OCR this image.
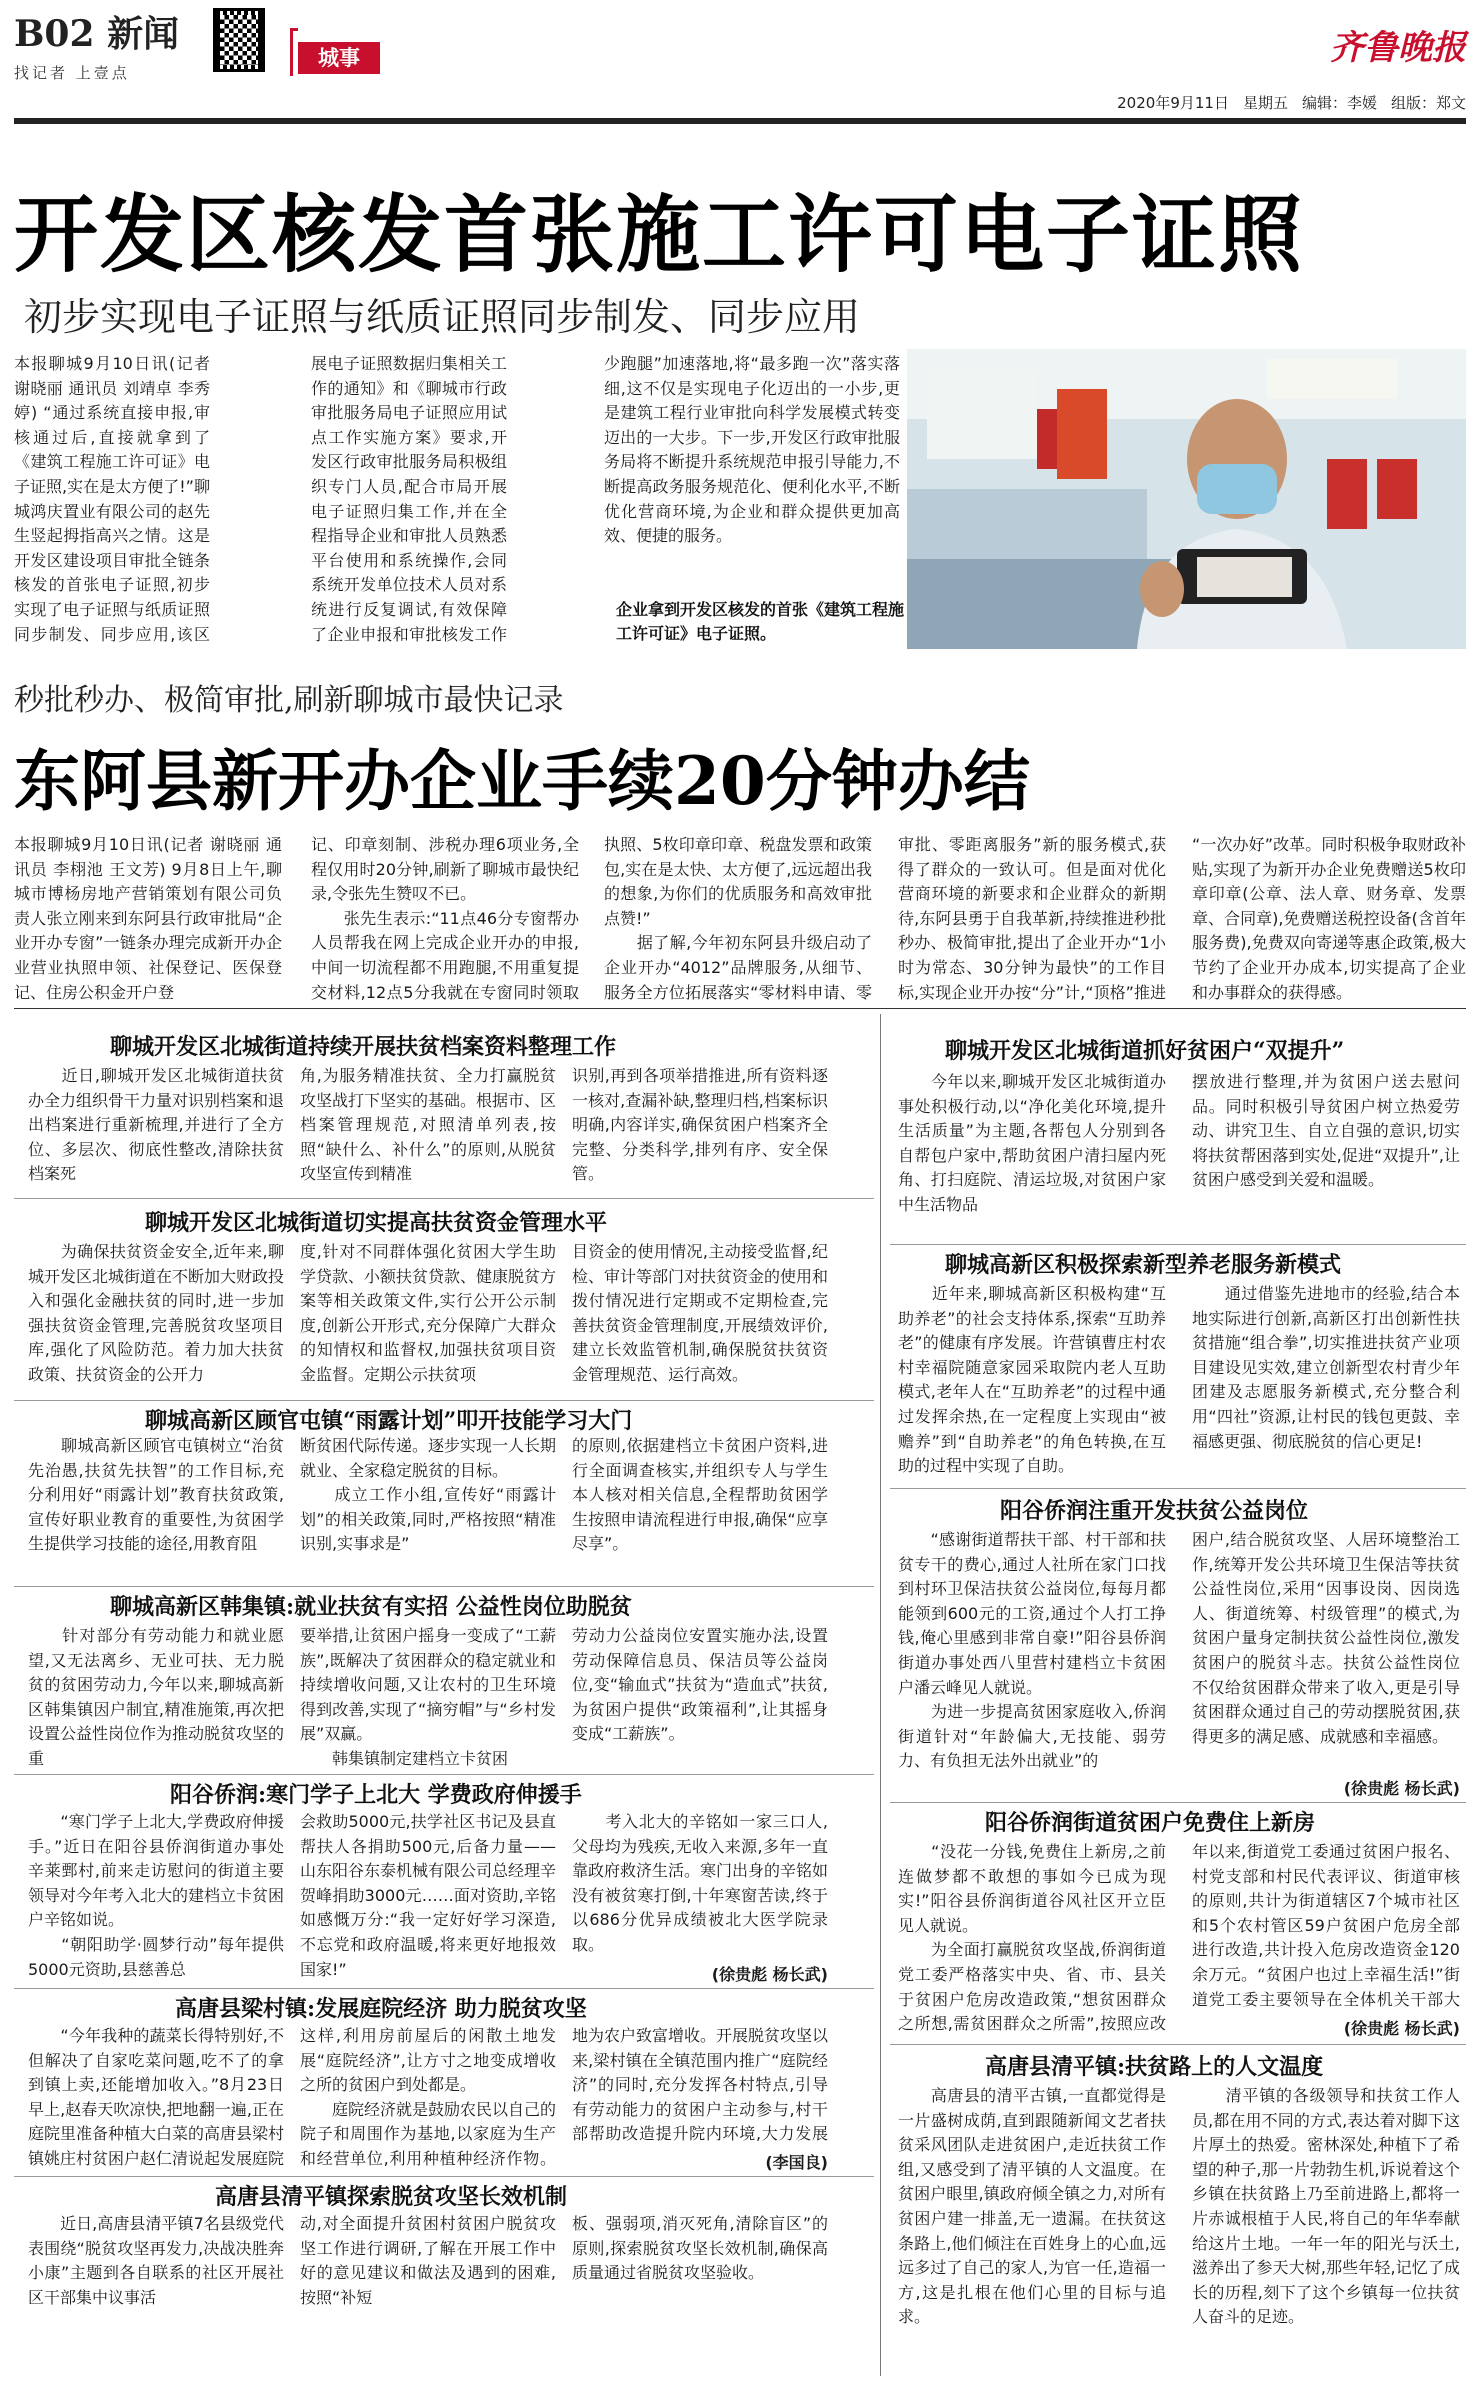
B02 新闻
找记者 上壹点
城事	齐鲁晚报
2020年9月11日 星期五 编辑：李媛 组版：郑文
开发区核发首张施工许可电子证照
初步实现电子证照与纸质证照同步制发、同步应用
本报聊城9月10日讯(记者 谢晓丽 通讯员 刘靖卓 李秀婷) “通过系统直接申报,审核通过后,直接就拿到了《建筑工程施工许可证》电子证照,实在是太方便了!”聊城鸿庆置业有限公司的赵先生竖起拇指高兴之情。这是开发区建设项目审批全链条核发的首张电子证照,初步实现了电子证照与纸质证照同步制发、同步应用,该区

展电子证照数据归集相关工作的通知》和《聊城市行政审批服务局电子证照应用试点工作实施方案》要求,开发区行政审批服务局积极组织专门人员,配合市局开展电子证照归集工作,并在全程指导企业和审批人员熟悉平台使用和系统操作,会同系统开发单位技术人员对系统进行反复调试,有效保障了企业申报和审批核发工作

少跑腿”加速落地,将“最多跑一次”落实落细,这不仅是实现电子化迈出的一小步,更是建筑工程行业审批向科学发展模式转变迈出的一大步。下一步,开发区行政审批服务局将不断提升系统规范申报引导能力,不断提高政务服务规范化、便利化水平,不断优化营商环境,为企业和群众提供更加高效、便捷的服务。
企业拿到开发区核发的首张《建筑工程施工许可证》电子证照。
秒批秒办、极简审批,刷新聊城市最快记录
东阿县新开办企业手续20分钟办结
本报聊城9月10日讯(记者 谢晓丽 通讯员 李栩池 王文芳) 9月8日上午,聊城市博杨房地产营销策划有限公司负责人张立刚来到东阿县行政审批局“企业开办专窗”一链条办理完成新开办企业营业执照申领、社保登记、医保登记、住房公积金开户登
记、印章刻制、涉税办理6项业务,全程仅用时20分钟,刷新了聊城市最快纪录,令张先生赞叹不已。
　　张先生表示:“11点46分专窗帮办人员帮我在网上完成企业开办的申报,中间一切流程都不用跑腿,不用重复提交材料,12点5分我就在专窗同时领取
执照、5枚印章印章、税盘发票和政策包,实在是太快、太方便了,远远超出我的想象,为你们的优质服务和高效审批点赞!”
　　据了解,今年初东阿县升级启动了企业开办“4012”品牌服务,从细节、服务全方位拓展落实“零材料申请、零
审批、零距离服务”新的服务模式,获得了群众的一致认可。但是面对优化营商环境的新要求和企业群众的新期待,东阿县勇于自我革新,持续推进秒批秒办、极简审批,提出了企业开办“1小时为常态、30分钟为最快”的工作目标,实现企业开办按“分”计,“顶格”推进
“一次办好”改革。同时积极争取财政补贴,实现了为新开办企业免费赠送5枚印章印章(公章、法人章、财务章、发票章、合同章),免费赠送税控设备(含首年服务费),免费双向寄递等惠企政策,极大节约了企业开办成本,切实提高了企业和办事群众的获得感。
聊城开发区北城街道持续开展扶贫档案资料整理工作
　　近日,聊城开发区北城街道扶贫办全力组织骨干力量对识别档案和退出档案进行重新梳理,并进行了全方位、多层次、彻底性整改,清除扶贫档案死
角,为服务精准扶贫、全力打赢脱贫攻坚战打下坚实的基础。根据市、区档案管理规范,对照清单列表,按照“缺什么、补什么”的原则,从脱贫攻坚宣传到精准
识别,再到各项举措推进,所有资料逐一核对,查漏补缺,整理归档,档案标识明确,内容详实,确保贫困户档案齐全完整、分类科学,排列有序、安全保管。
聊城开发区北城街道切实提高扶贫资金管理水平
　　为确保扶贫资金安全,近年来,聊城开发区北城街道在不断加大财政投入和强化金融扶贫的同时,进一步加强扶贫资金管理,完善脱贫攻坚项目库,强化了风险防范。着力加大扶贫政策、扶贫资金的公开力
度,针对不同群体强化贫困大学生助学贷款、小额扶贫贷款、健康脱贫方案等相关政策文件,实行公开公示制度,创新公开形式,充分保障广大群众的知情权和监督权,加强扶贫项目资金监督。定期公示扶贫项
目资金的使用情况,主动接受监督,纪检、审计等部门对扶贫资金的使用和拨付情况进行定期或不定期检查,完善扶贫资金管理制度,开展绩效评价,建立长效监管机制,确保脱贫扶贫资金管理规范、运行高效。
聊城高新区顾官屯镇“雨露计划”叩开技能学习大门
　　聊城高新区顾官屯镇树立“治贫先治愚,扶贫先扶智”的工作目标,充分利用好“雨露计划”教育扶贫政策,宣传好职业教育的重要性,为贫困学生提供学习技能的途径,用教育阻
断贫困代际传递。逐步实现一人长期就业、全家稳定脱贫的目标。
　　成立工作小组,宣传好“雨露计划”的相关政策,同时,严格按照“精准识别,实事求是”
的原则,依据建档立卡贫困户资料,进行全面调查核实,并组织专人与学生本人核对相关信息,全程帮助贫困学生按照申请流程进行申报,确保“应享尽享”。
聊城高新区韩集镇:就业扶贫有实招 公益性岗位助脱贫
　　针对部分有劳动能力和就业愿望,又无法离乡、无业可扶、无力脱贫的贫困劳动力,今年以来,聊城高新区韩集镇因户制宜,精准施策,再次把设置公益性岗位作为推动脱贫攻坚的重
要举措,让贫困户摇身一变成了“工薪族”,既解决了贫困群众的稳定就业和持续增收问题,又让农村的卫生环境得到改善,实现了“摘穷帽”与“乡村发展”双赢。
　　韩集镇制定建档立卡贫困
劳动力公益岗位安置实施办法,设置劳动保障信息员、保洁员等公益岗位,变“输血式”扶贫为“造血式”扶贫,为贫困户提供“政策福利”,让其摇身变成“工薪族”。
阳谷侨润:寒门学子上北大 学费政府伸援手
　　“寒门学子上北大,学费政府伸援手。”近日在阳谷县侨润街道办事处辛莱鄄村,前来走访慰问的街道主要领导对今年考入北大的建档立卡贫困户辛铭如说。
　　“朝阳助学·圆梦行动”每年提供5000元资助,县慈善总
会救助5000元,扶学社区书记及县直帮扶人各捐助500元,后备力量——山东阳谷东泰机械有限公司总经理辛贺峰捐助3000元……面对资助,辛铭如感慨万分:“我一定好好学习深造,不忘党和政府温暖,将来更好地报效国家!”
　　考入北大的辛铭如一家三口人,父母均为残疾,无收入来源,多年一直靠政府救济生活。寒门出身的辛铭如没有被贫寒打倒,十年寒窗苦读,终于以686分优异成绩被北大医学院录取。
(徐贵彪 杨长武)
高唐县梁村镇:发展庭院经济 助力脱贫攻坚
　　“今年我种的蔬菜长得特别好,不但解决了自家吃菜问题,吃不了的拿到镇上卖,还能增加收入。”8月23日早上,赵春天吹凉快,把地翻一遍,正在庭院里准备种植大白菜的高唐县梁村镇姚庄村贫困户赵仁清说起发展庭院
这样,利用房前屋后的闲散土地发展“庭院经济”,让方寸之地变成增收之所的贫困户到处都是。
　　庭院经济就是鼓励农民以自己的院子和周围作为基地,以家庭为生产和经营单位,利用种植种经济作物。
地为农户致富增收。开展脱贫攻坚以来,梁村镇在全镇范围内推广“庭院经济”的同时,充分发挥各村特点,引导有劳动能力的贫困户主动参与,村干部帮助改造提升院内环境,大力发展
(李国良)
高唐县清平镇探索脱贫攻坚长效机制
　　近日,高唐县清平镇7名县级党代表围绕“脱贫攻坚再发力,决战决胜奔小康”主题到各自联系的社区开展社区干部集中议事活
动,对全面提升贫困村贫困户脱贫攻坚工作进行调研,了解在开展工作中好的意见建议和做法及遇到的困难,按照“补短
板、强弱项,消灭死角,清除盲区”的原则,探索脱贫攻坚长效机制,确保高质量通过省脱贫攻坚验收。
聊城开发区北城街道抓好贫困户“双提升”
　　今年以来,聊城开发区北城街道办事处积极行动,以“净化美化环境,提升生活质量”为主题,各帮包人分别到各自帮包户家中,帮助贫困户清扫屋内死角、打扫庭院、清运垃圾,对贫困户家中生活物品
摆放进行整理,并为贫困户送去慰问品。同时积极引导贫困户树立热爱劳动、讲究卫生、自立自强的意识,切实将扶贫帮困落到实处,促进“双提升”,让贫困户感受到关爱和温暖。
聊城高新区积极探索新型养老服务新模式
　　近年来,聊城高新区积极构建“互助养老”的社会支持体系,探索“互助养老”的健康有序发展。许营镇曹庄村农村幸福院随意家园采取院内老人互助模式,老年人在“互助养老”的过程中通过发挥余热,在一定程度上实现由“被赡养”到“自助养老”的角色转换,在互助的过程中实现了自助。
　　通过借鉴先进地市的经验,结合本地实际进行创新,高新区打出创新性扶贫措施“组合拳”,切实推进扶贫产业项目建设见实效,建立创新型农村青少年团建及志愿服务新模式,充分整合利用“四社”资源,让村民的钱包更鼓、幸福感更强、彻底脱贫的信心更足!
阳谷侨润注重开发扶贫公益岗位
　　“感谢街道帮扶干部、村干部和扶贫专干的费心,通过人社所在家门口找到村环卫保洁扶贫公益岗位,每每月都能领到600元的工资,通过个人打工挣钱,俺心里感到非常自豪!”阳谷县侨润街道办事处西八里营村建档立卡贫困户潘云峰见人就说。
　　为进一步提高贫困家庭收入,侨润街道针对“年龄偏大,无技能、弱劳力、有负担无法外出就业”的
困户,结合脱贫攻坚、人居环境整治工作,统筹开发公共环境卫生保洁等扶贫公益性岗位,采用“因事设岗、因岗选人、街道统筹、村级管理”的模式,为贫困户量身定制扶贫公益性岗位,激发贫困户的脱贫斗志。扶贫公益性岗位不仅给贫困群众带来了收入,更是引导贫困群众通过自己的劳动摆脱贫困,获得更多的满足感、成就感和幸福感。
(徐贵彪 杨长武)
阳谷侨润街道贫困户免费住上新房
　　“没花一分钱,免费住上新房,之前连做梦都不敢想的事如今已成为现实!”阳谷县侨润街道谷风社区开立臣见人就说。
　　为全面打赢脱贫攻坚战,侨润街道党工委严格落实中央、省、市、县关于贫困户危房改造政策,“想贫困群众之所想,需贫困群众之所需”,按照应改
年以来,街道党工委通过贫困户报名、村党支部和村民代表评议、街道审核的原则,共计为街道辖区7个城市社区和5个农村管区59户贫困户危房全部进行改造,共计投入危房改造资金120余万元。“贫困户也过上幸福生活!”街道党工委主要领导在全体机关干部大
(徐贵彪 杨长武)
高唐县清平镇:扶贫路上的人文温度
　　高唐县的清平古镇,一直都觉得是一片盛树成荫,直到跟随新闻文艺者扶贫采风团队走进贫困户,走近扶贫工作组,又感受到了清平镇的人文温度。在贫困户眼里,镇政府倾全镇之力,对所有贫困户建一排盖,无一遗漏。在扶贫这条路上,他们倾注在百姓身上的心血,远远多过了自己的家人,为官一任,造福一方,这是扎根在他们心里的目标与追求。
　　清平镇的各级领导和扶贫工作人员,都在用不同的方式,表达着对脚下这片厚土的热爱。密林深处,种植下了希望的种子,那一片勃勃生机,诉说着这个乡镇在扶贫路上乃至前进路上,都将一片赤诚根植于人民,将自己的年华奉献给这片土地。一年一年的阳光与沃土,滋养出了参天大树,那些年轻,记忆了成长的历程,刻下了这个乡镇每一位扶贫人奋斗的足迹。
